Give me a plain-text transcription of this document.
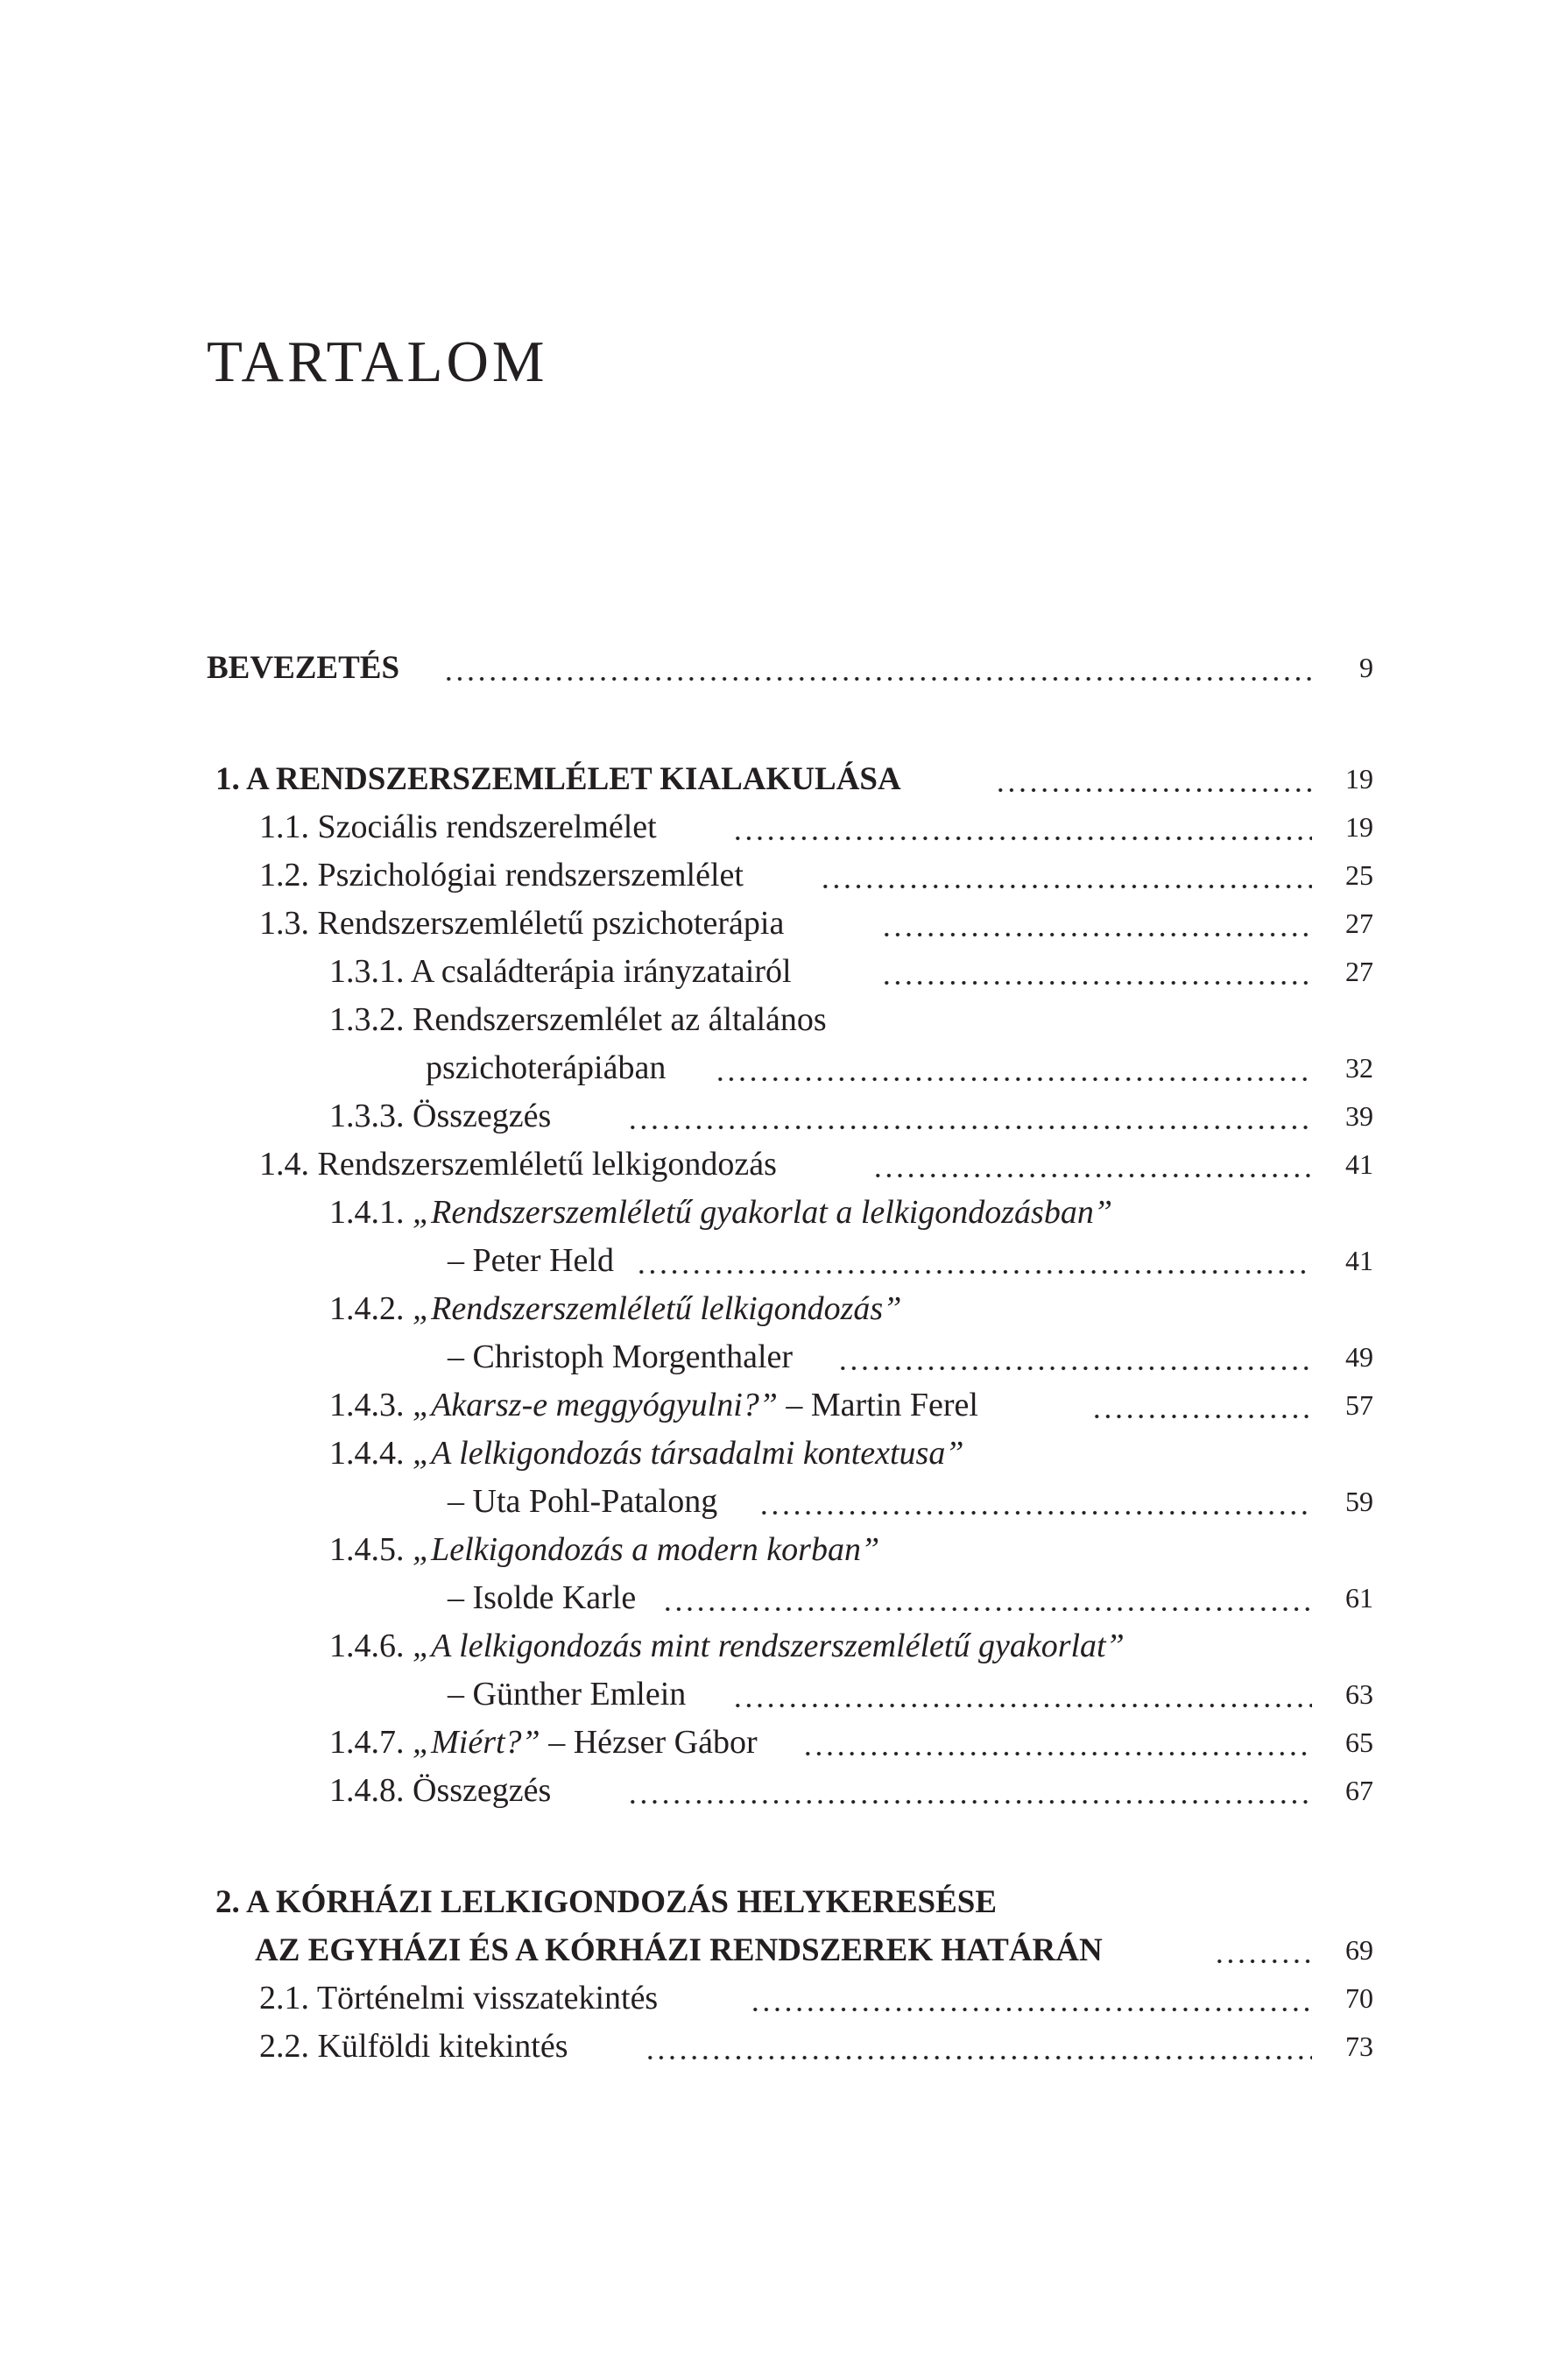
TARTALOM
BEVEZETÉS	9
1. A RENDSZERSZEMLÉLET KIALAKULÁSA	19
1.1. Szociális rendszerelmélet	19
1.2. Pszichológiai rendszerszemlélet	25
1.3. Rendszerszemléletű pszichoterápia	27
1.3.1. A családterápia irányzatairól	27
1.3.2. Rendszerszemlélet az általános
pszichoterápiában	32
1.3.3. Összegzés	39
1.4. Rendszerszemléletű lelkigondozás	41
1.4.1. „Rendszerszemléletű gyakorlat a lelkigondozásban”
– Peter Held	41
1.4.2. „Rendszerszemléletű lelkigondozás”
– Christoph Morgenthaler	49
1.4.3. „Akarsz-e meggyógyulni?” – Martin Ferel	57
1.4.4. „A lelkigondozás társadalmi kontextusa”
– Uta Pohl-Patalong	59
1.4.5. „Lelkigondozás a modern korban”
– Isolde Karle	61
1.4.6. „A lelkigondozás mint rendszerszemléletű gyakorlat”
– Günther Emlein	63
1.4.7. „Miért?” – Hézser Gábor	65
1.4.8. Összegzés	67
2. A KÓRHÁZI LELKIGONDOZÁS HELYKERESÉSE
AZ EGYHÁZI ÉS A KÓRHÁZI RENDSZEREK HATÁRÁN	69
2.1. Történelmi visszatekintés	70
2.2. Külföldi kitekintés	73
